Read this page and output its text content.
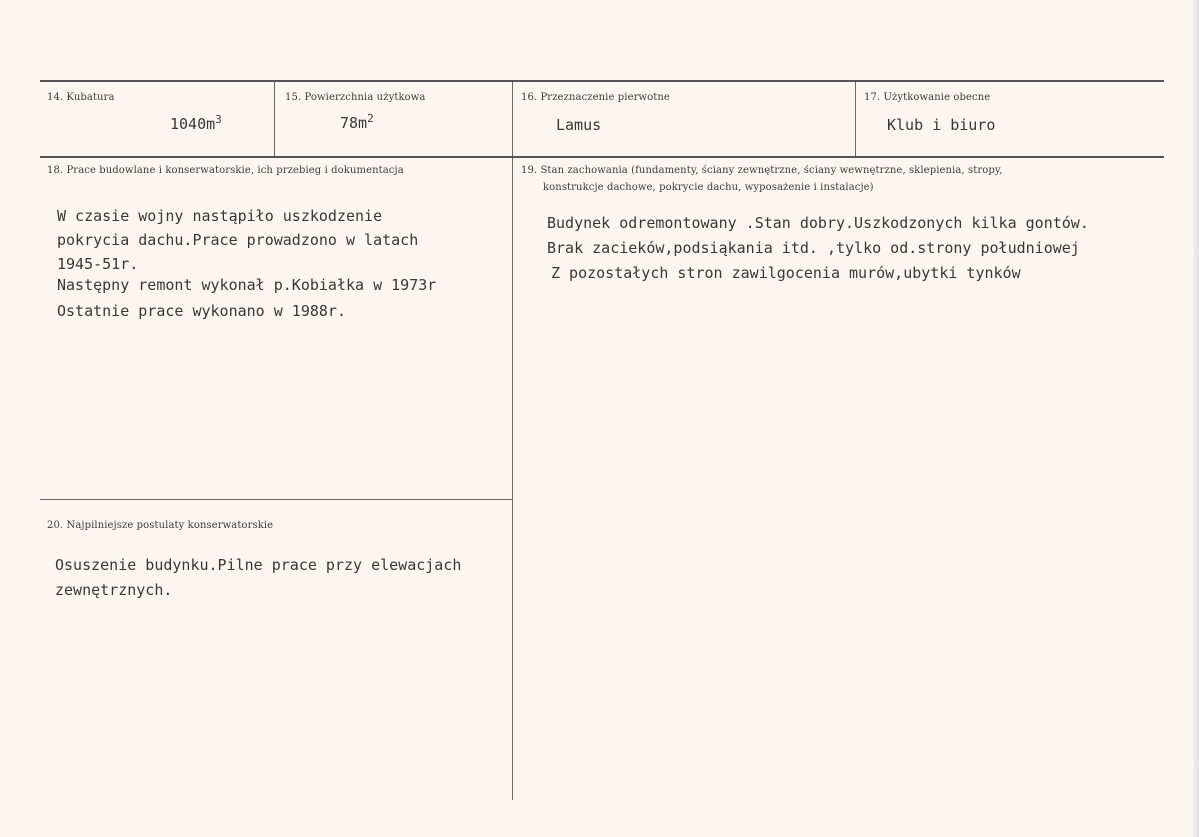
14. Kubatura
$1040m^3$
15. Powierzchnia użytkowa
$78m^2$
16. Przeznaczenie pierwotne
Lamus
17. Użytkowanie obecne
Klub i biuro
18. Prace budowlane i konserwatorskie, ich przebieg i dokumentacja
W czasie wojny nastąpiło uszkodzenie
pokrycia dachu.Prace prowadzono w latach
1945-51r.
Następny remont wykonał p.Kobiałka w 1973r
Ostatnie prace wykonano w 1988r.
19. Stan zachowania (fundamenty, ściany zewnętrzne, ściany wewnętrzne, sklepienia, stropy,
konstrukcje dachowe, pokrycie dachu, wyposażenie i instalacje)
Budynek odremontowany .Stan dobry.Uszkodzonych kilka gontów.
Brak zacieków,podsiąkania itd. ,tylko od.strony południowej
Z pozostałych stron zawilgocenia murów,ubytki tynków
20. Najpilniejsze postulaty konserwatorskie
Osuszenie budynku.Pilne prace przy elewacjach
zewnętrznych.
